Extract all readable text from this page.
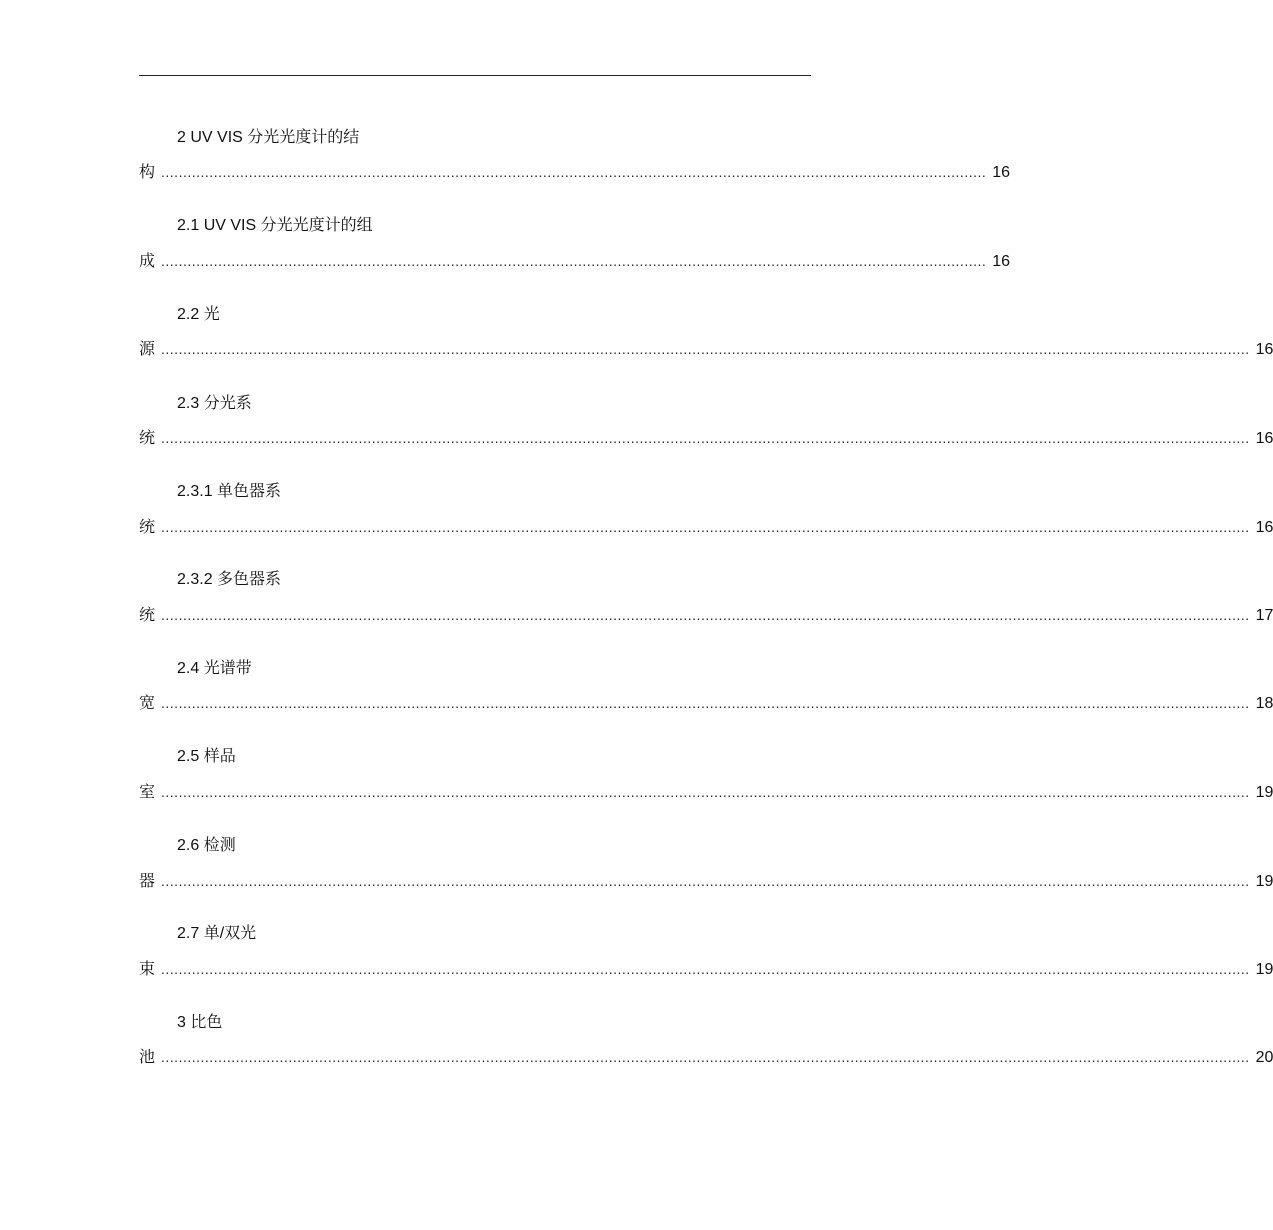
2 UV VIS 分光光度计的结
构 ............................................................................................................................................................................................ 16
2.1 UV VIS 分光光度计的组
成 ............................................................................................................................................................................................ 16
2.2 光
源 ........................................................................................................................................................................................................................................................ 16
2.3 分光系
统 ........................................................................................................................................................................................................................................................ 16
2.3.1 单色器系
统 ........................................................................................................................................................................................................................................................ 16
2.3.2 多色器系
统 ........................................................................................................................................................................................................................................................ 17
2.4 光谱带
宽 ........................................................................................................................................................................................................................................................ 18
2.5 样品
室 ........................................................................................................................................................................................................................................................ 19
2.6 检测
器 ........................................................................................................................................................................................................................................................ 19
2.7 单/双光
束 ........................................................................................................................................................................................................................................................ 19
3 比色
池 ........................................................................................................................................................................................................................................................ 20
